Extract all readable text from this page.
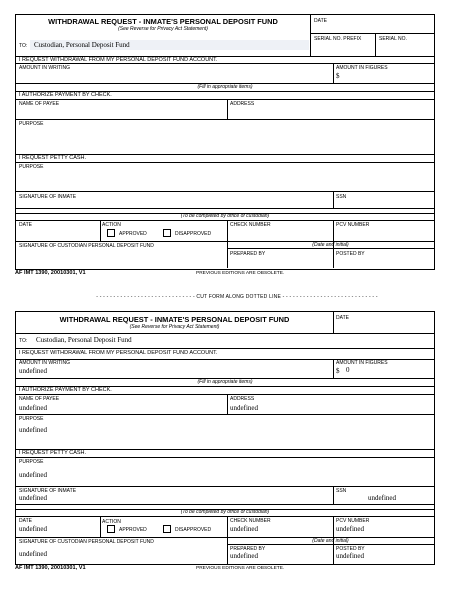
WITHDRAWAL REQUEST - INMATE'S PERSONAL DEPOSIT FUND
(See Reverse for Privacy Act Statement)
DATE
SERIAL NO. PREFIX	SERIAL NO.
TO: Custodian, Personal Deposit Fund
I REQUEST WITHDRAWAL FROM MY PERSONAL DEPOSIT FUND ACCOUNT.
AMOUNT IN WRITING	AMOUNT IN FIGURES
$
(Fill in appropriate items)
I AUTHORIZE PAYMENT BY CHECK.
NAME OF PAYEE	ADDRESS
PURPOSE
I REQUEST PETTY CASH.
PURPOSE
SIGNATURE OF INMATE	SSN
(To be completed by office of custodian)
DATE	ACTION
APPROVED	DISAPPROVED
CHECK NUMBER	PCV NUMBER
(Date and initial)
SIGNATURE OF CUSTODIAN PERSONAL DEPOSIT FUND
PREPARED BY	POSTED BY
AF IMT 1390, 20010301, V1	PREVIOUS EDITIONS ARE OBSOLETE.
- - - - - - - - - - - - - - - - - - - - - - - - - - - - - CUT FORM ALONG DOTTED LINE - - - - - - - - - - - - - - - - - - - - - - - - - - - -
WITHDRAWAL REQUEST - INMATE'S PERSONAL DEPOSIT FUND
(See Reverse for Privacy Act Statement)
DATE
TO: Custodian, Personal Deposit Fund
I REQUEST WITHDRAWAL FROM MY PERSONAL DEPOSIT FUND ACCOUNT.
AMOUNT IN WRITING
undefined
AMOUNT IN FIGURES
$ 0
(Fill in appropriate items)
I AUTHORIZE PAYMENT BY CHECK.
NAME OF PAYEE
undefined
ADDRESS
undefined
PURPOSE
undefined
I REQUEST PETTY CASH.
PURPOSE
undefined
SIGNATURE OF INMATE
undefined
SSN
undefined
(To be completed by office of custodian)
DATE
undefined
ACTION
APPROVED	DISAPPROVED
CHECK NUMBER
undefined
PCV NUMBER
undefined
(Date and initial)
SIGNATURE OF CUSTODIAN PERSONAL DEPOSIT FUND
undefined
PREPARED BY
undefined
POSTED BY
undefined
AF IMT 1390, 20010301, V1	PREVIOUS EDITIONS ARE OBSOLETE.
